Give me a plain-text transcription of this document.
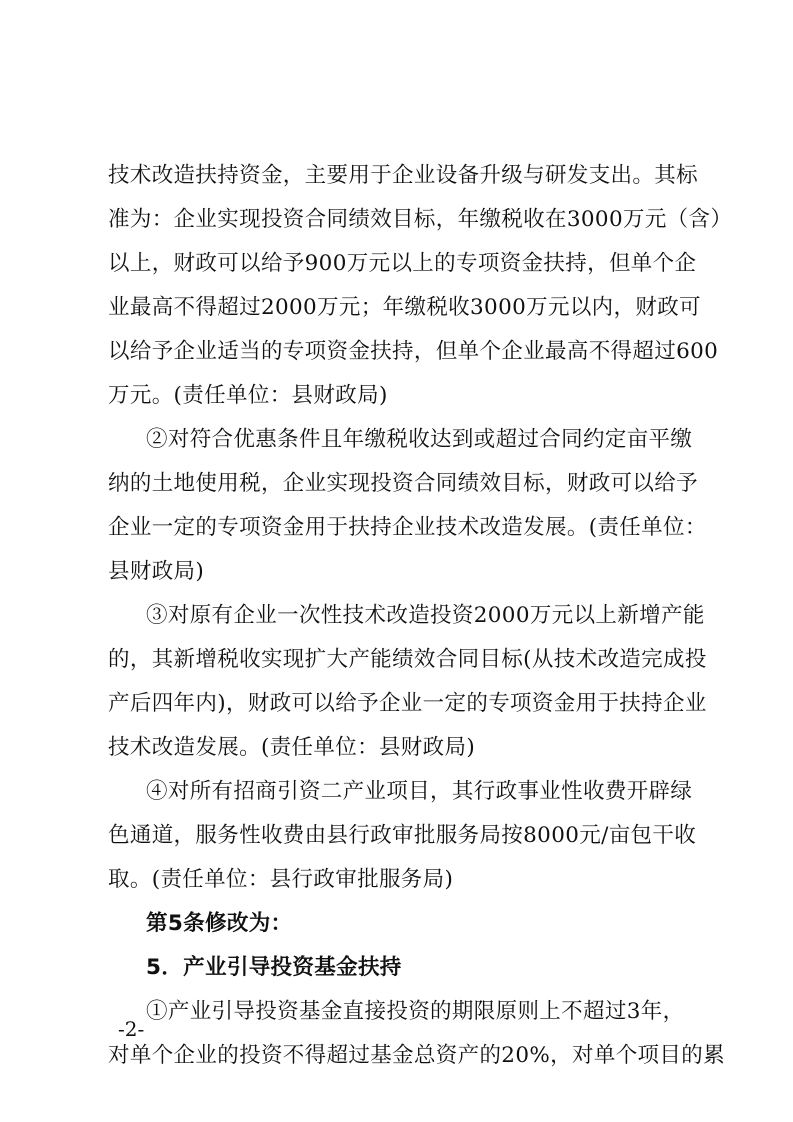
技术改造扶持资金，主要用于企业设备升级与研发支出。其标
准为：企业实现投资合同绩效目标，年缴税收在3000万元（含）
以上，财政可以给予900万元以上的专项资金扶持，但单个企
业最高不得超过2000万元；年缴税收3000万元以内，财政可
以给予企业适当的专项资金扶持，但单个企业最高不得超过600
万元。(责任单位：县财政局)
②对符合优惠条件且年缴税收达到或超过合同约定亩平缴
纳的土地使用税，企业实现投资合同绩效目标，财政可以给予
企业一定的专项资金用于扶持企业技术改造发展。(责任单位：
县财政局)
③对原有企业一次性技术改造投资2000万元以上新增产能
的，其新增税收实现扩大产能绩效合同目标(从技术改造完成投
产后四年内)，财政可以给予企业一定的专项资金用于扶持企业
技术改造发展。(责任单位：县财政局)
④对所有招商引资二产业项目，其行政事业性收费开辟绿
色通道，服务性收费由县行政审批服务局按8000元/亩包干收
取。(责任单位：县行政审批服务局)
第5条修改为：
5．产业引导投资基金扶持
①产业引导投资基金直接投资的期限原则上不超过3年，
对单个企业的投资不得超过基金总资产的20%，对单个项目的累
-2-
